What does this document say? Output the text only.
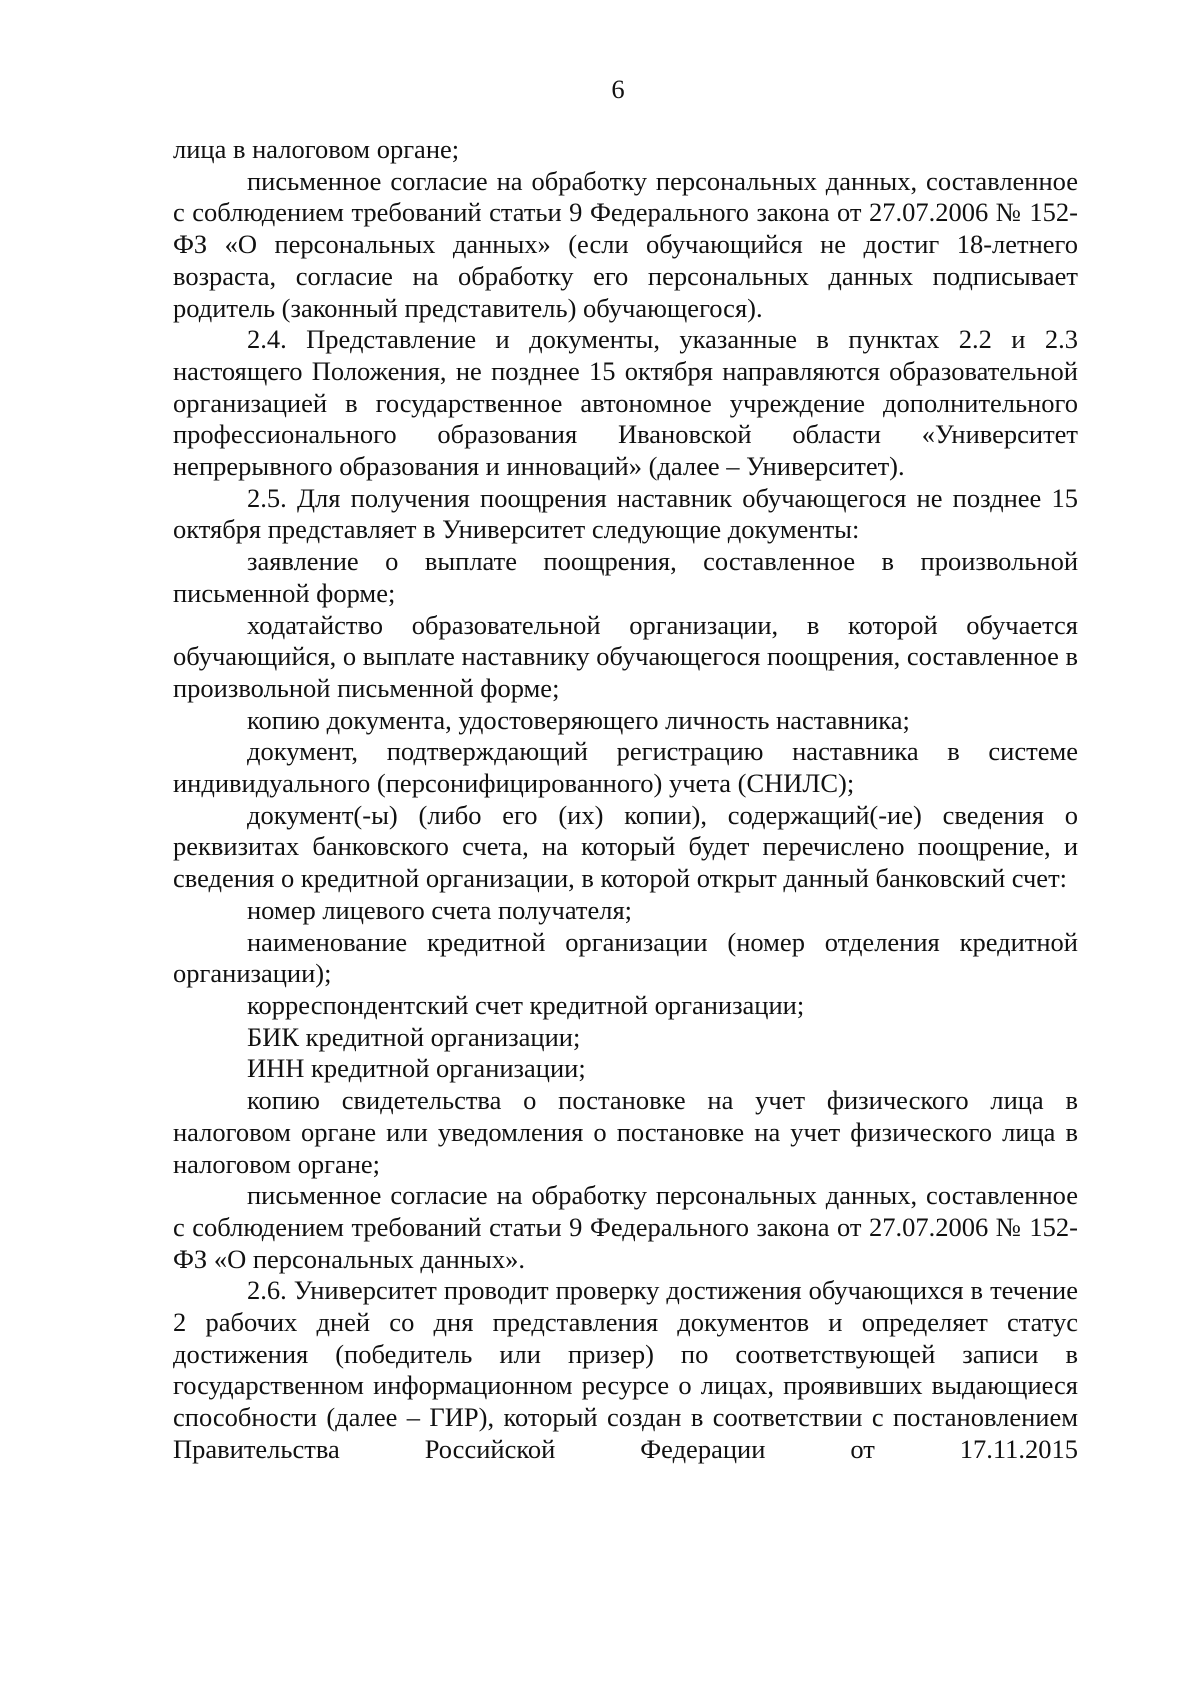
6

лица в налоговом органе;

письменное согласие на обработку персональных данных, составленное с соблюдением требований статьи 9 Федерального закона от 27.07.2006 № 152-ФЗ «О персональных данных» (если обучающийся не достиг 18-летнего возраста, согласие на обработку его персональных данных подписывает родитель (законный представитель) обучающегося).

2.4. Представление и документы, указанные в пунктах 2.2 и 2.3 настоящего Положения, не позднее 15 октября направляются образовательной организацией в государственное автономное учреждение дополнительного профессионального образования Ивановской области «Университет непрерывного образования и инноваций» (далее – Университет).

2.5. Для получения поощрения наставник обучающегося не позднее 15 октября представляет в Университет следующие документы:

заявление о выплате поощрения, составленное в произвольной письменной форме;

ходатайство образовательной организации, в которой обучается обучающийся, о выплате наставнику обучающегося поощрения, составленное в произвольной письменной форме;

копию документа, удостоверяющего личность наставника;

документ, подтверждающий регистрацию наставника в системе индивидуального (персонифицированного) учета (СНИЛС);

документ(-ы) (либо его (их) копии), содержащий(-ие) сведения о реквизитах банковского счета, на который будет перечислено поощрение, и сведения о кредитной организации, в которой открыт данный банковский счет:

номер лицевого счета получателя;

наименование кредитной организации (номер отделения кредитной организации);

корреспондентский счет кредитной организации;

БИК кредитной организации;

ИНН кредитной организации;

копию свидетельства о постановке на учет физического лица в налоговом органе или уведомления о постановке на учет физического лица в налоговом органе;

письменное согласие на обработку персональных данных, составленное с соблюдением требований статьи 9 Федерального закона от 27.07.2006 № 152-ФЗ «О персональных данных».

2.6. Университет проводит проверку достижения обучающихся в течение 2 рабочих дней со дня представления документов и определяет статус достижения (победитель или призер) по соответствующей записи в государственном информационном ресурсе о лицах, проявивших выдающиеся способности (далее – ГИР), который создан в соответствии с постановлением Правительства Российской Федерации от 17.11.2015
